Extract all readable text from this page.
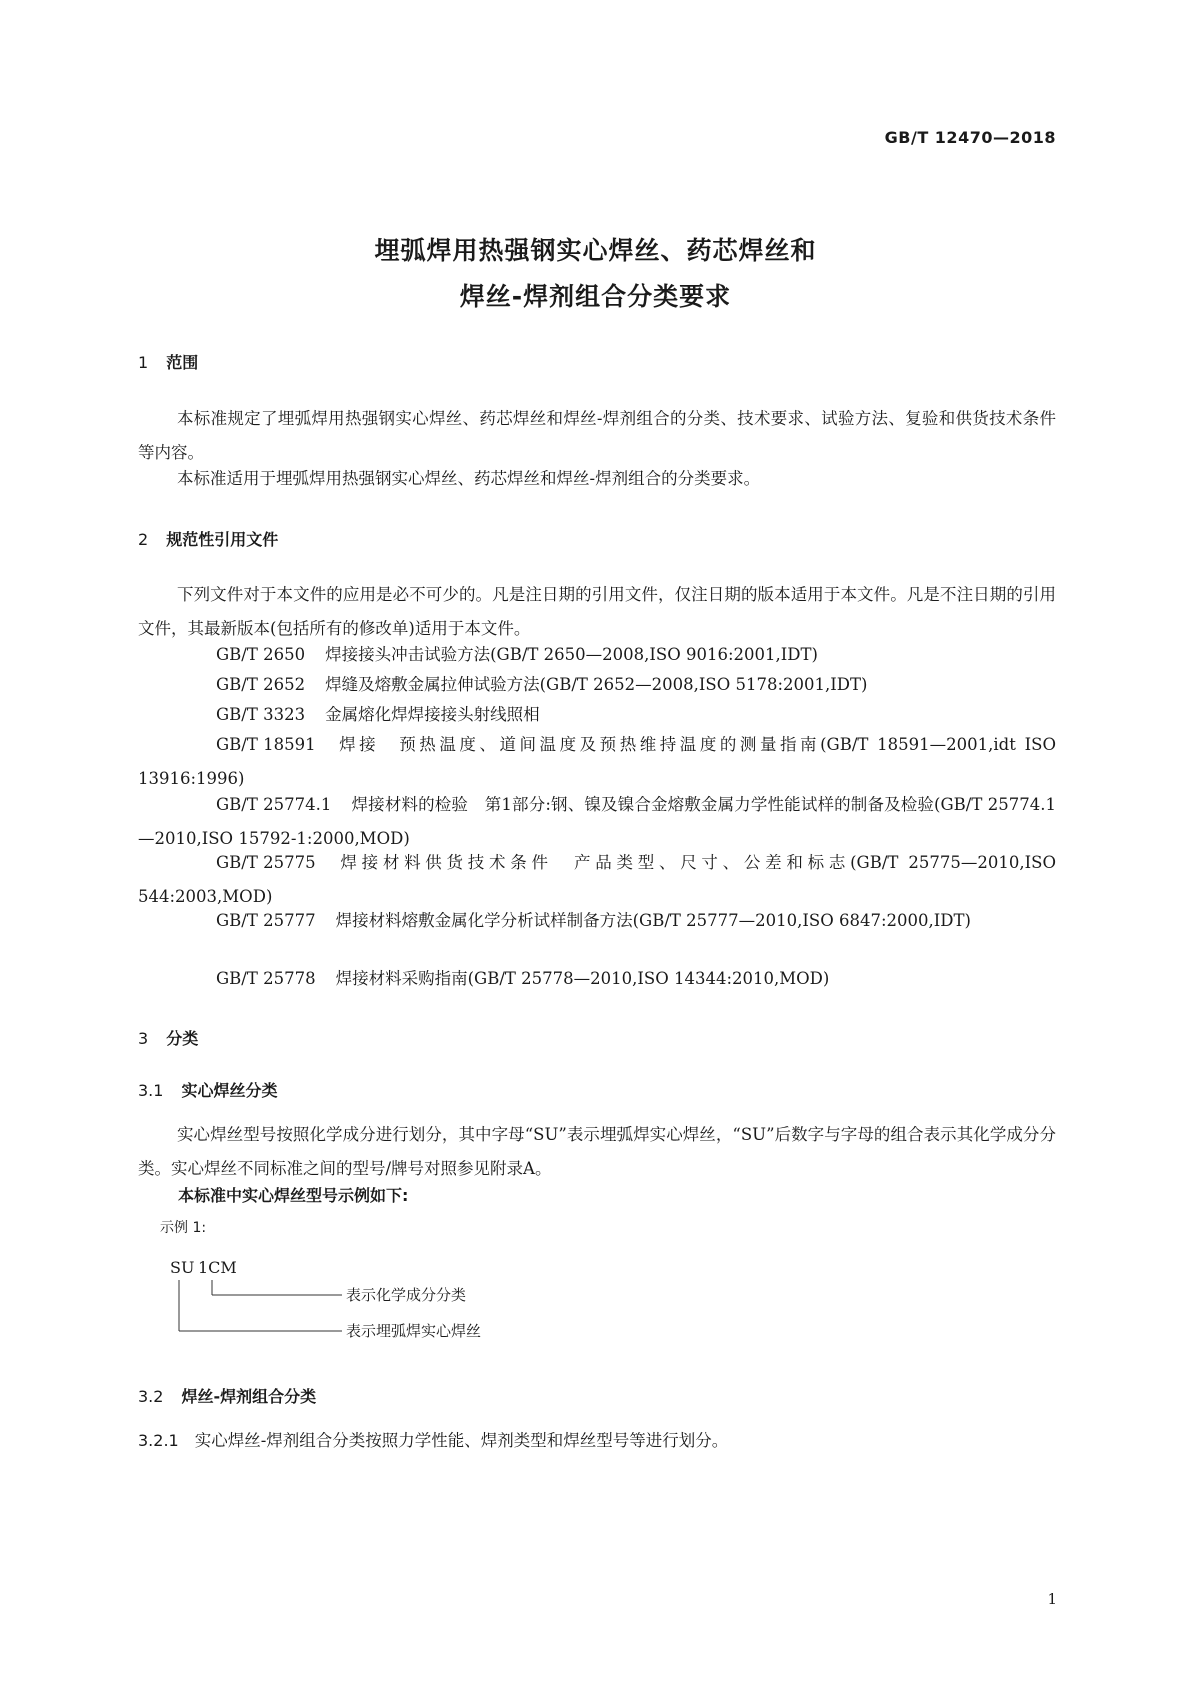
GB/T 12470—2018
埋弧焊用热强钢实心焊丝、药芯焊丝和
焊丝-焊剂组合分类要求
1 范围
本标准规定了埋弧焊用热强钢实心焊丝、药芯焊丝和焊丝-焊剂组合的分类、技术要求、试验方法、复验和供货技术条件等内容。
本标准适用于埋弧焊用热强钢实心焊丝、药芯焊丝和焊丝-焊剂组合的分类要求。
2 规范性引用文件
下列文件对于本文件的应用是必不可少的。凡是注日期的引用文件，仅注日期的版本适用于本文件。凡是不注日期的引用文件，其最新版本(包括所有的修改单)适用于本文件。
GB/T 2650 焊接接头冲击试验方法(GB/T 2650—2008,ISO 9016:2001,IDT)
GB/T 2652 焊缝及熔敷金属拉伸试验方法(GB/T 2652—2008,ISO 5178:2001,IDT)
GB/T 3323 金属熔化焊焊接接头射线照相
GB/T 18591 焊接　预热温度、道间温度及预热维持温度的测量指南(GB/T 18591—2001,idt ISO 13916:1996)
GB/T 25774.1 焊接材料的检验　第1部分:钢、镍及镍合金熔敷金属力学性能试样的制备及检验(GB/T 25774.1—2010,ISO 15792-1:2000,MOD)
GB/T 25775 焊接材料供货技术条件　产品类型、尺寸、公差和标志(GB/T 25775—2010,ISO 544:2003,MOD)
GB/T 25777 焊接材料熔敷金属化学分析试样制备方法(GB/T 25777—2010,ISO 6847:2000,IDT)
GB/T 25778 焊接材料采购指南(GB/T 25778—2010,ISO 14344:2010,MOD)
3 分类
3.1 实心焊丝分类
实心焊丝型号按照化学成分进行划分，其中字母“SU”表示埋弧焊实心焊丝，“SU”后数字与字母的组合表示其化学成分分类。实心焊丝不同标准之间的型号/牌号对照参见附录A。
本标准中实心焊丝型号示例如下:
示例 1:
SU 1CM
表示化学成分分类
表示埋弧焊实心焊丝
3.2 焊丝-焊剂组合分类
3.2.1 实心焊丝-焊剂组合分类按照力学性能、焊剂类型和焊丝型号等进行划分。
1
